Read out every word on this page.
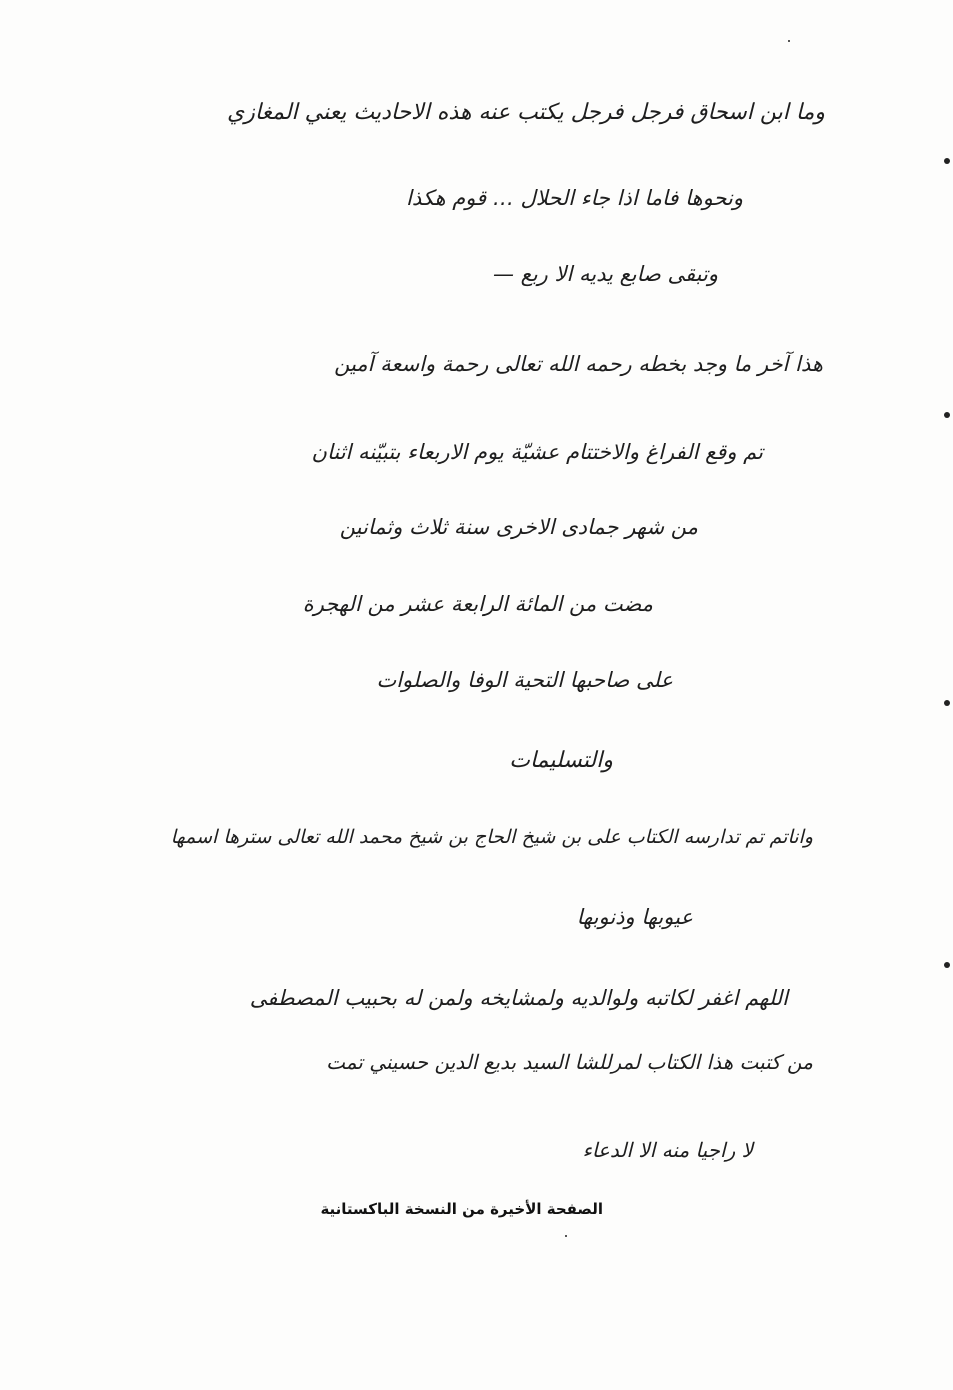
وما ابن اسحاق فرجل فرجل يكتب عنه هذه الاحاديث يعني المغازي
ونحوها فاما اذا جاء الحلال … قوم هكذا
وتبقى صابع يديه الا ربع —
هذا آخر ما وجد بخطه رحمه الله تعالى رحمة واسعة آمين
تم وقع الفراغ والاختتام عشيّة يوم الاربعاء بتبيّنه اثنان
من شهر جمادى الاخرى سنة ثلاث وثمانين
مضت من المائة الرابعة عشر من الهجرة
على صاحبها التحية الوفا والصلوات
والتسليمات
واناتم تم تدارسه الكتاب على بن شيخ الحاج بن شيخ محمد الله تعالى سترها اسمها
عيوبها وذنوبها
اللهم اغفر لكاتبه ولوالديه ولمشايخه ولمن له بحبيب المصطفى
من كتبت هذا الكتاب لمرللشا السيد بديع الدين حسيني تمت
لا راجيا منه الا الدعاء
الصفحة الأخيرة من النسخة الباكستانية
